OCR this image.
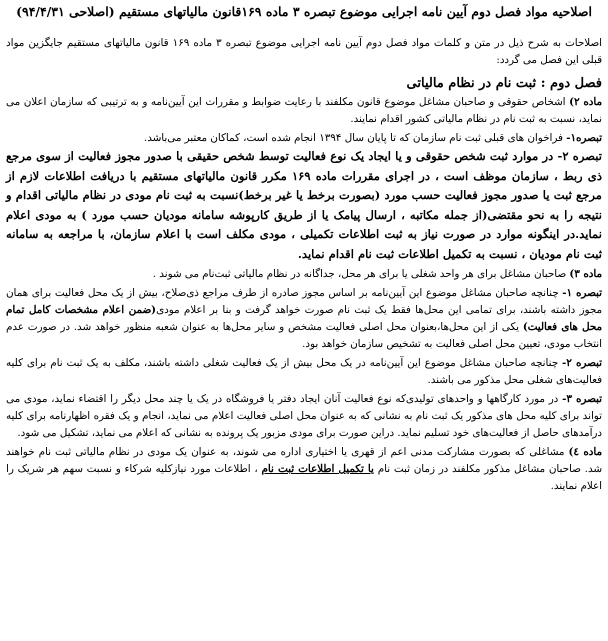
اصلاحیه مواد فصل دوم آیین نامه اجرایی موضوع تبصره ۳ ماده ۱۶۹قانون مالیاتهای مستقیم (اصلاحی ۹۴/۴/۳۱)

اصلاحات به شرح ذیل در متن و کلمات مواد فصل دوم آیین نامه اجرایی موضوع تبصره ۳ ماده ۱۶۹ قانون مالیاتهای مستقیم جایگزین مواد قبلی این فصل می گردد:

فصل دوم : ثبت نام در نظام مالیاتی

ماده ۲) اشخاص حقوقی و صاحبان مشاغل موضوع قانون مکلفند با رعایت ضوابط و مقررات این آیین‌نامه و به ترتیبی که سازمان اعلان می نماید، نسبت به ثبت نام در نظام مالیاتی کشور اقدام نمایند.

تبصره۱- فراخوان های قبلی ثبت نام سازمان که تا پایان سال ۱۳۹۴ انجام شده است، کماکان معتبر می‌باشد.

تبصره ۲- در موارد ثبت شخص حقوقی و یا ایجاد یک نوع فعالیت توسط شخص حقیقی با صدور مجوز فعالیت از سوی مرجع ذی ربط ، سازمان موظف است ، در اجرای مقررات ماده ۱۶۹ مکرر قانون مالیاتهای مستقیم با دریافت اطلاعات لازم از مرجع ثبت یا صدور مجوز فعالیت حسب مورد (بصورت برخط یا غیر برخط)نسبت به ثبت نام مودی در نظام مالیاتی اقدام و نتیجه را به نحو مقتضی(از جمله مکاتبه ، ارسال پیامک یا از طریق کارپوشه سامانه مودیان حسب مورد ) به مودی اعلام نماید.در اینگونه موارد در صورت نیاز به ثبت اطلاعات تکمیلی ، مودی مکلف است با اعلام سازمان، با مراجعه به سامانه ثبت نام مودیان ، نسبت به تکمیل اطلاعات ثبت نام اقدام نماید.

ماده ۳) صاحبان مشاغل برای هر واحد شغلی یا برای هر محل، جداگانه در نظام مالیاتی ثبت‌نام می شوند .

تبصره ۱- چنانچه صاحبان مشاغل موضوع این آیین‌نامه بر اساس مجوز صادره از طرف مراجع ذی‌صلاح، بیش از یک محل فعالیت برای همان مجوز داشته باشند، برای تمامی این محل‌ها فقط یک ثبت نام صورت خواهد گرفت و بنا بر اعلام مودی(ضمن اعلام مشخصات کامل تمام محل های فعالیت) یکی از این محل‌ها،بعنوان محل اصلی فعالیت مشخص و سایر محل‌ها به عنوان شعبه منظور خواهد شد. در صورت عدم انتخاب مودی، تعیین محل اصلی فعالیت به تشخیص سازمان خواهد بود.

تبصره ۲- چنانچه صاحبان مشاغل موضوع این آیین‌نامه در یک محل بیش از یک فعالیت شغلی داشته باشند، مکلف به یک ثبت نام برای کلیه فعالیت‌های شغلی محل مذکور می باشند.

تبصره ۳- در مورد کارگاهها و واحدهای تولیدی‌که نوع فعالیت آنان ایجاد دفتر یا فروشگاه در یک یا چند محل دیگر را اقتضاء نماید، مودی می تواند برای کلیه محل های مذکور یک ثبت نام به نشانی که به عنوان محل اصلی فعالیت اعلام می نماید، انجام و یک فقره اظهارنامه برای کلیه درآمدهای حاصل از فعالیت‌های خود تسلیم نماید. دراین صورت برای مودی مزبور یک پرونده به نشانی که اعلام می نماید، تشکیل می شود.

ماده ٤) مشاغلی که بصورت مشارکت مدنی اعم از قهری یا اختیاری اداره می شوند، به عنوان یک مودی در نظام مالیاتی ثبت نام خواهند شد. صاحبان مشاغل مذکور مکلفند در زمان ثبت نام یا تکمیل اطلاعات ثبت نام ، اطلاعات مورد نیازکلیه شرکاء و نسبت سهم هر شریک را اعلام نمایند.
